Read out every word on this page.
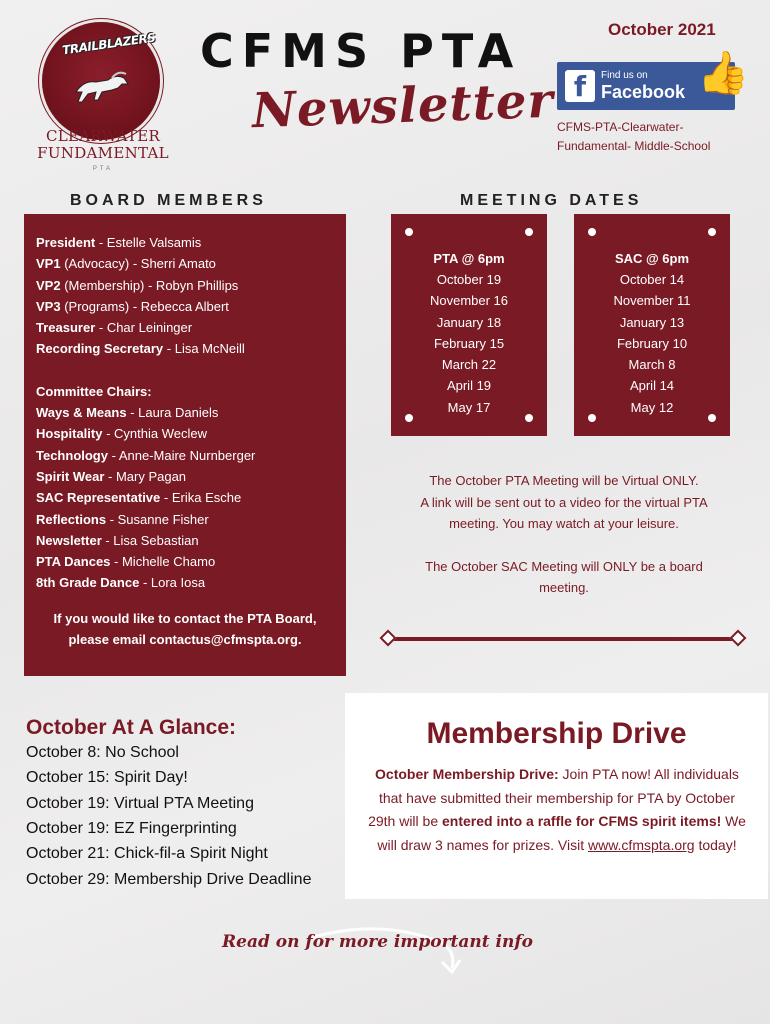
TRAILBLAZERS
CLEARWATER
FUNDAMENTAL
PTA
CFMS PTA
Newsletter
October 2021
f	Find us on
Facebook 👍
CFMS-PTA-Clearwater-
Fundamental- Middle-School
BOARD MEMBERS
President - Estelle Valsamis
VP1 (Advocacy) - Sherri Amato
VP2 (Membership) - Robyn Phillips
VP3 (Programs) - Rebecca Albert
Treasurer - Char Leininger
Recording Secretary - Lisa McNeill
Committee Chairs:
Ways & Means - Laura Daniels
Hospitality - Cynthia Weclew
Technology - Anne-Maire Nurnberger
Spirit Wear - Mary Pagan
SAC Representative - Erika Esche
Reflections - Susanne Fisher
Newsletter - Lisa Sebastian
PTA Dances - Michelle Chamo
8th Grade Dance - Lora Iosa
If you would like to contact the PTA Board,
please email contactus@cfmspta.org.
MEETING DATES
PTA @ 6pm
October 19
November 16
January 18
February 15
March 22
April 19
May 17
SAC @ 6pm
October 14
November 11
January 13
February 10
March 8
April 14
May 12
The October PTA Meeting will be Virtual ONLY.
A link will be sent out to a video for the virtual PTA
meeting. You may watch at your leisure.
The October SAC Meeting will ONLY be a board
meeting.
October At A Glance:
October 8: No School
October 15: Spirit Day!
October 19: Virtual PTA Meeting
October 19: EZ Fingerprinting
October 21: Chick-fil-a Spirit Night
October 29: Membership Drive Deadline
Membership Drive
October Membership Drive: Join PTA now! All individuals that have submitted their membership for PTA by October 29th will be entered into a raffle for CFMS spirit items! We will draw 3 names for prizes. Visit www.cfmspta.org today!
Read on for more important info
